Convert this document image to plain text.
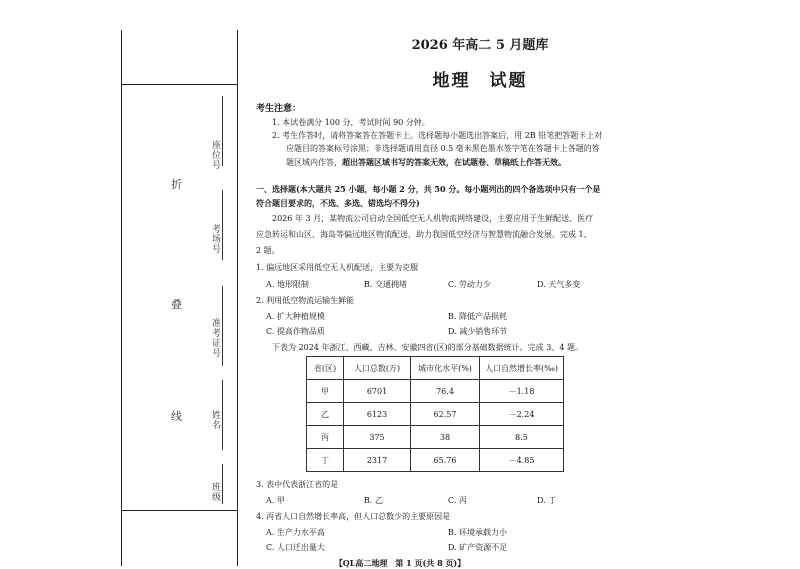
折
叠
线
座位号
考场号
准考证号
姓名
班级
2026 年高二 5 月题库
地理　试题
考生注意：
1. 本试卷满分 100 分，考试时间 90 分钟。
2. 考生作答时，请将答案答在答题卡上。选择题每小题选出答案后，用 2B 铅笔把答题卡上对
应题目的答案标号涂黑；非选择题请用直径 0.5 毫米黑色墨水签字笔在答题卡上各题的答
题区域内作答，超出答题区域书写的答案无效，在试题卷、草稿纸上作答无效。
一、选择题(本大题共 25 小题，每小题 2 分，共 50 分。每小题列出的四个备选项中只有一个是
符合题目要求的，不选、多选、错选均不得分)
2026 年 3 月，某物流公司启动全国低空无人机物流网络建设，主要应用于生鲜配送、医疗
应急转运和山区、海岛等偏远地区物流配送，助力我国低空经济与智慧物流融合发展。完成 1、
2 题。
1. 偏远地区采用低空无人机配送，主要为克服
A. 地形限制	B. 交通拥堵	C. 劳动力少	D. 天气多变
2. 利用低空物流运输生鲜能
A. 扩大种植规模	B. 降低产品损耗
C. 提高作物品质	D. 减少销售环节
下表为 2024 年浙江、西藏、吉林、安徽四省(区)的部分基础数据统计。完成 3、4 题。
省(区)	人口总数(万)	城市化水平(%)	人口自然增长率(‰)
甲	6701	76.4	－1.18
乙	6123	62.57	－2.24
丙	375	38	8.5
丁	2317	65.76	－4.85
3. 表中代表浙江省的是
A. 甲	B. 乙	C. 丙	D. 丁
4. 丙省人口自然增长率高，但人口总数少的主要原因是
A. 生产力水平高	B. 环境承载力小
C. 人口迁出量大	D. 矿产资源不足
【QL高二地理　第 1 页(共 8 页)】
